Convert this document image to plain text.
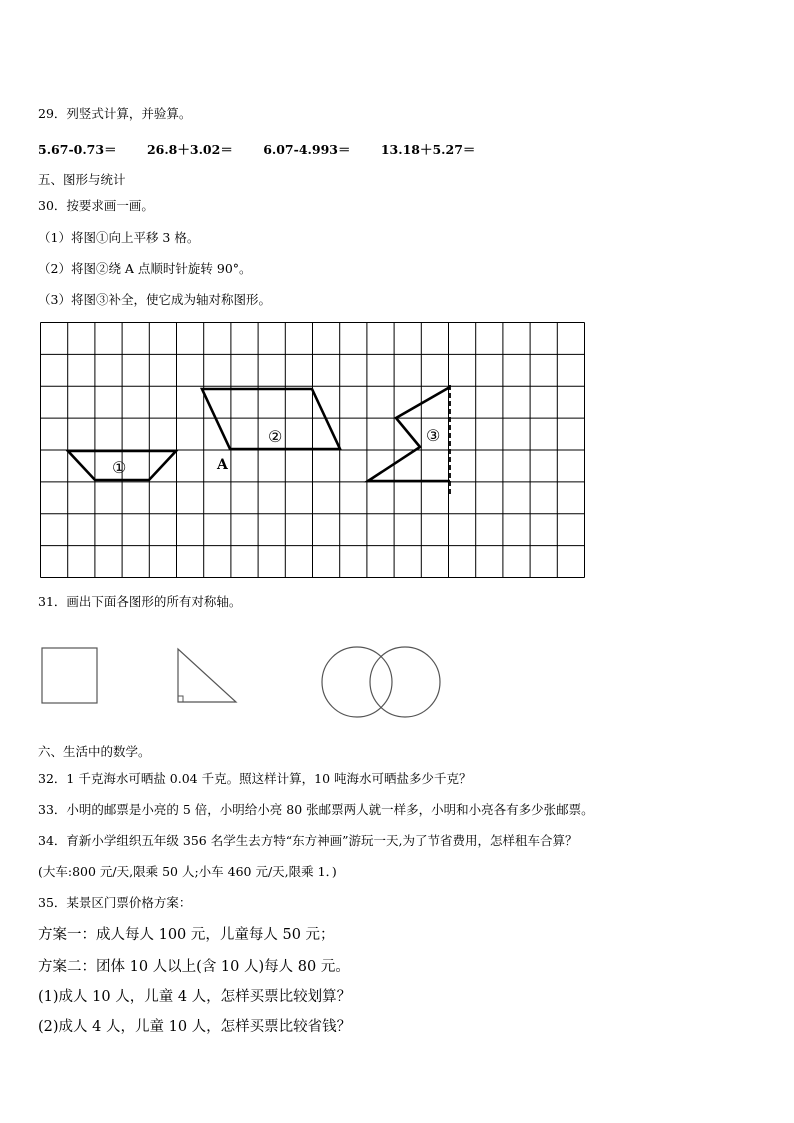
29．列竖式计算，并验算。
5.67-0.73＝ 26.8＋3.02＝ 6.07-4.993＝ 13.18＋5.27＝
五、图形与统计
30．按要求画一画。
（1）将图①向上平移 3 格。
（2）将图②绕 A 点顺时针旋转 90°。
（3）将图③补全，使它成为轴对称图形。
①
②
A
③
31．画出下面各图形的所有对称轴。
六、生活中的数学。
32．1 千克海水可晒盐 0.04 千克。照这样计算，10 吨海水可晒盐多少千克？
33．小明的邮票是小亮的 5 倍，小明给小亮 80 张邮票两人就一样多，小明和小亮各有多少张邮票。
34．育新小学组织五年级 356 名学生去方特“东方神画”游玩一天,为了节省费用，怎样租车合算？
(大车:800 元/天,限乘 50 人;小车 460 元/天,限乘 1．)
35．某景区门票价格方案：
方案一：成人每人 100 元，儿童每人 50 元；
方案二：团体 10 人以上(含 10 人)每人 80 元。
(1)成人 10 人，儿童 4 人，怎样买票比较划算？
(2)成人 4 人，儿童 10 人，怎样买票比较省钱？
